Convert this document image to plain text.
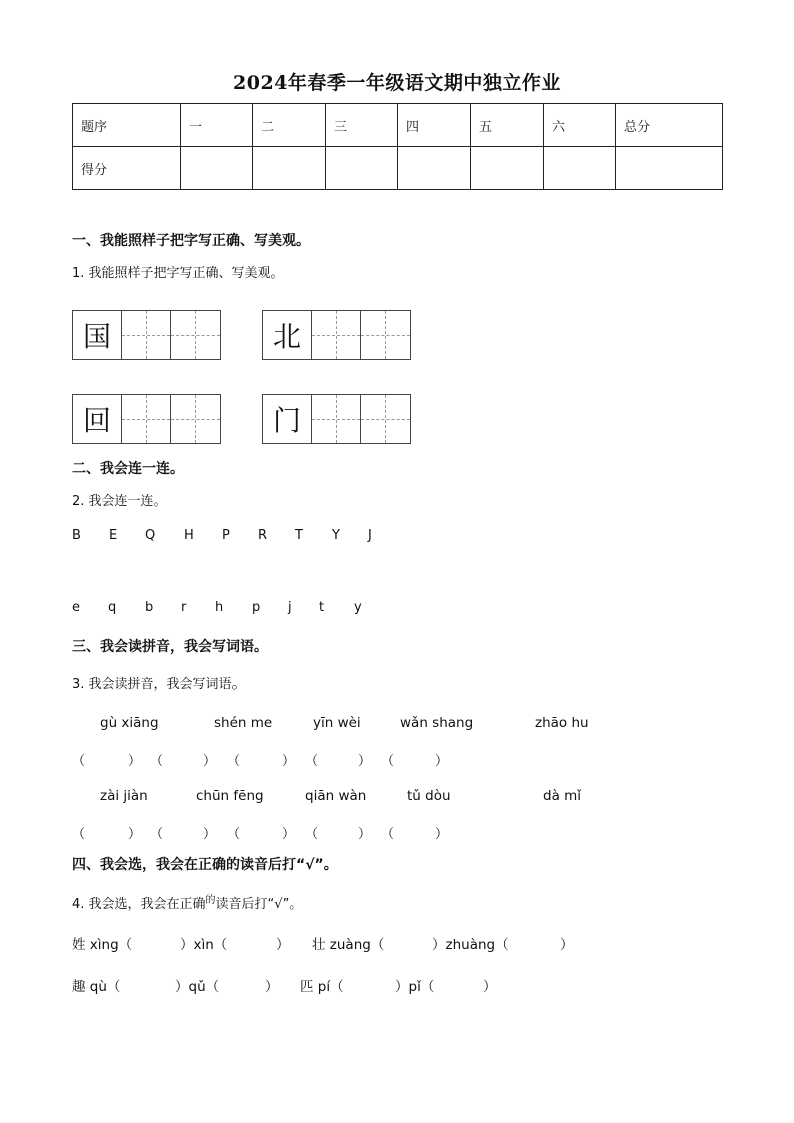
2024年春季一年级语文期中独立作业
题序	一	二	三	四	五	六	总分
得分							
一、我能照样子把字写正确、写美观。
1. 我能照样子把字写正确、写美观。
国	北
回	门
二、我会连一连。
2. 我会连一连。
B E Q H P R T Y J
e q b r h p j t y
三、我会读拼音，我会写词语。
3. 我会读拼音，我会写词语。
gù xiāng	shén me	yīn wèi	wǎn shang	zhāo hu
（	） （	） （	） （	） （	）
zài jiàn	chūn fēng	qiān wàn	tǔ dòu	dà mǐ
（	） （	） （	） （	） （	）
四、我会选，我会在正确的读音后打“√”。
4. 我会选，我会在正确$^的$读音后打“√”。
姓 xìng（	）xìn（	） 壮 zuàng（	）zhuàng（	）
趣 qù（	）qǔ（	） 匹 pí（	）pǐ（	）
